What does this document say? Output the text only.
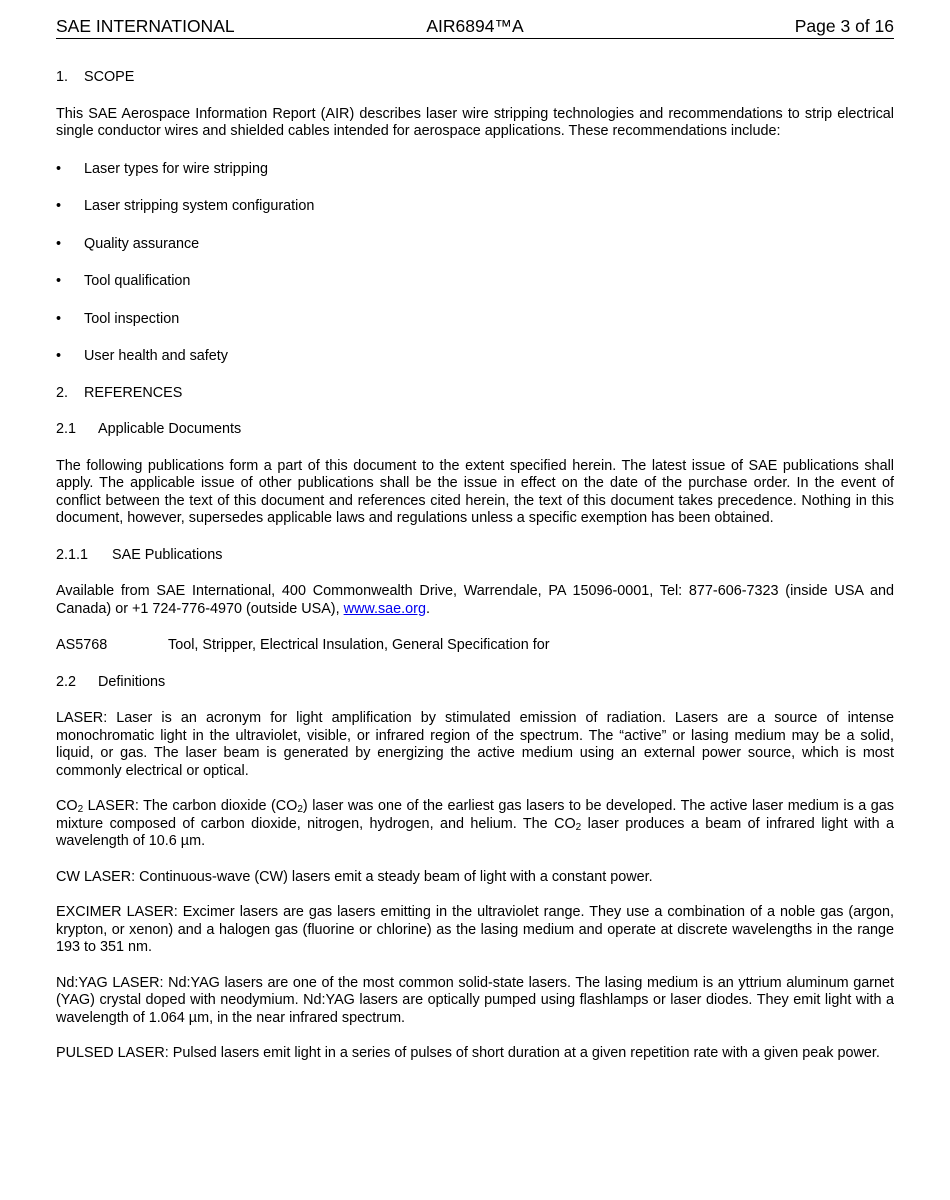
SAE INTERNATIONAL	AIR6894™A	Page 3 of 16

1.	SCOPE

This SAE Aerospace Information Report (AIR) describes laser wire stripping technologies and recommendations to strip electrical single conductor wires and shielded cables intended for aerospace applications. These recommendations include:

•	Laser types for wire stripping

•	Laser stripping system configuration

•	Quality assurance

•	Tool qualification

•	Tool inspection

•	User health and safety

2.	REFERENCES

2.1	Applicable Documents

The following publications form a part of this document to the extent specified herein. The latest issue of SAE publications shall apply. The applicable issue of other publications shall be the issue in effect on the date of the purchase order. In the event of conflict between the text of this document and references cited herein, the text of this document takes precedence. Nothing in this document, however, supersedes applicable laws and regulations unless a specific exemption has been obtained.

2.1.1	SAE Publications

Available from SAE International, 400 Commonwealth Drive, Warrendale, PA 15096-0001, Tel: 877-606-7323 (inside USA and Canada) or +1 724-776-4970 (outside USA), www.sae.org.

AS5768	Tool, Stripper, Electrical Insulation, General Specification for

2.2	Definitions

LASER: Laser is an acronym for light amplification by stimulated emission of radiation. Lasers are a source of intense monochromatic light in the ultraviolet, visible, or infrared region of the spectrum. The “active” or lasing medium may be a solid, liquid, or gas. The laser beam is generated by energizing the active medium using an external power source, which is most commonly electrical or optical.

$CO_2$ LASER: The carbon dioxide $(CO_2)$ laser was one of the earliest gas lasers to be developed. The active laser medium is a gas mixture composed of carbon dioxide, nitrogen, hydrogen, and helium. The $CO_2$ laser produces a beam of infrared light with a wavelength of 10.6 µm.

CW LASER: Continuous-wave (CW) lasers emit a steady beam of light with a constant power.

EXCIMER LASER: Excimer lasers are gas lasers emitting in the ultraviolet range. They use a combination of a noble gas (argon, krypton, or xenon) and a halogen gas (fluorine or chlorine) as the lasing medium and operate at discrete wavelengths in the range 193 to 351 nm.

Nd:YAG LASER: Nd:YAG lasers are one of the most common solid-state lasers. The lasing medium is an yttrium aluminum garnet (YAG) crystal doped with neodymium. Nd:YAG lasers are optically pumped using flashlamps or laser diodes. They emit light with a wavelength of 1.064 µm, in the near infrared spectrum.

PULSED LASER: Pulsed lasers emit light in a series of pulses of short duration at a given repetition rate with a given peak power.
